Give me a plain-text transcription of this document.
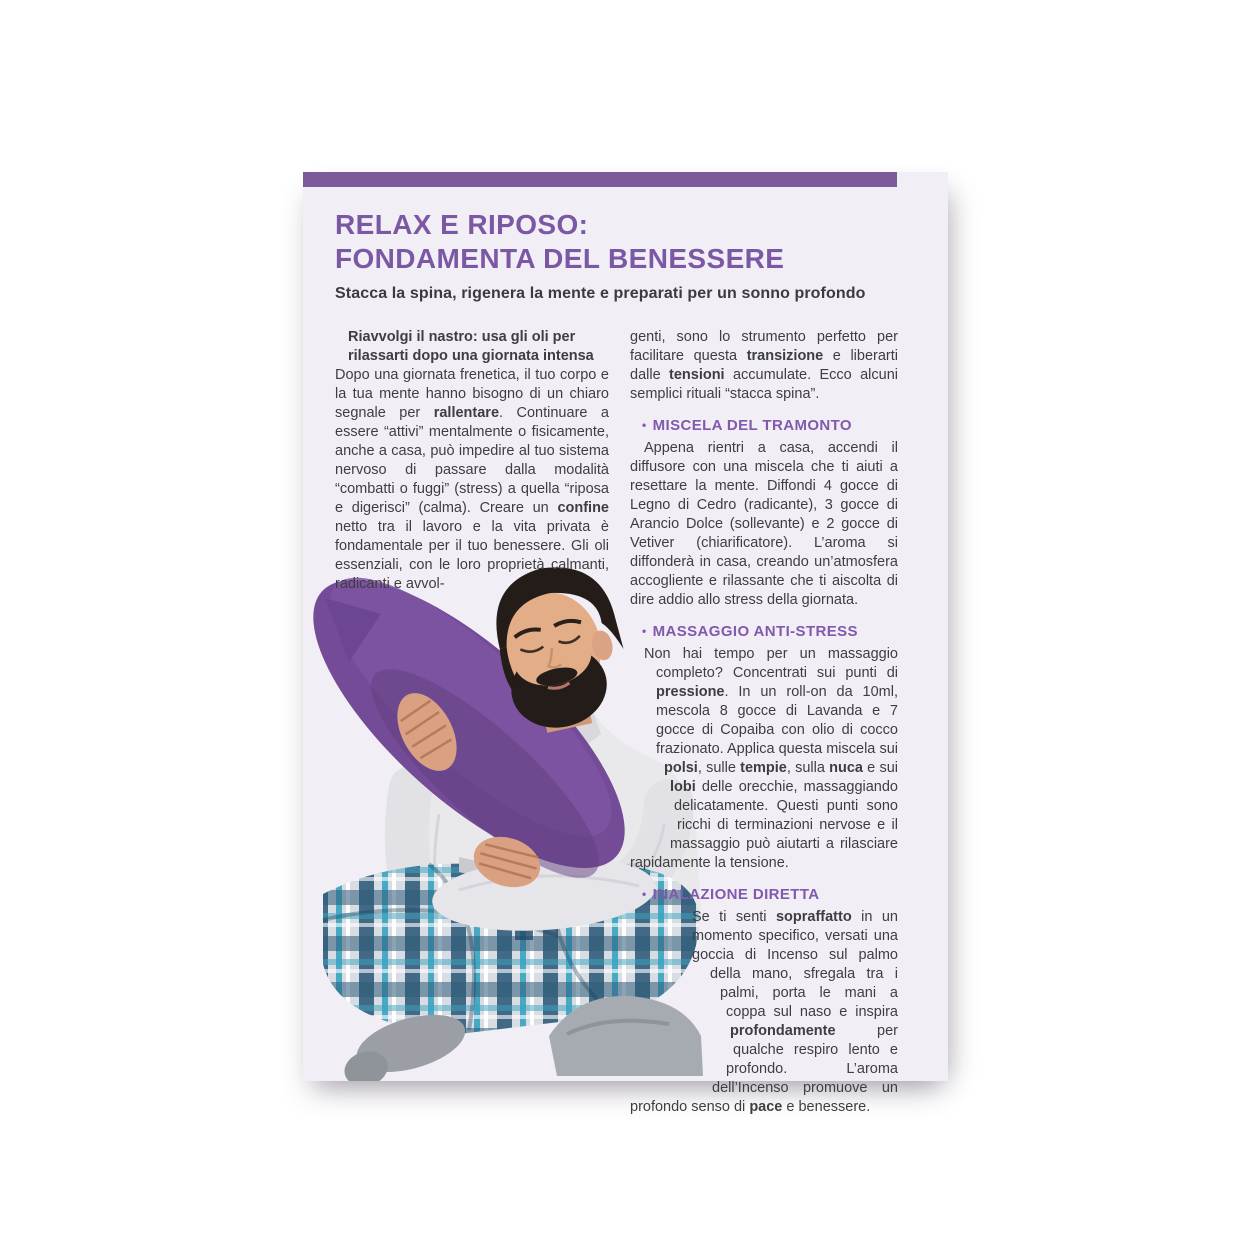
RELAX E RIPOSO:
FONDAMENTA DEL BENESSERE
Stacca la spina, rigenera la mente e preparati per un sonno profondo

Riavvolgi il nastro: usa gli oli per rilassarti dopo una giornata intensa

Dopo una giornata frenetica, il tuo corpo e la tua mente hanno bisogno di un chiaro segnale per rallentare. Continuare a essere “attivi” mentalmente o fisicamente, anche a casa, può impedire al tuo sistema nervoso di passare dalla modalità “combatti o fuggi” (stress) a quella “riposa e digerisci” (calma). Creare un confine netto tra il lavoro e la vita privata è fondamentale per il tuo benessere. Gli oli essenziali, con le loro proprietà calmanti, radicanti e avvol-

genti, sono lo strumento perfetto per facilitare questa transizione e liberarti dalle tensioni accumulate. Ecco alcuni semplici rituali “stacca spina”.

• MISCELA DEL TRAMONTO

Appena rientri a casa, accendi il diffusore con una miscela che ti aiuti a resettare la mente. Diffondi 4 gocce di Legno di Cedro (radicante), 3 gocce di Arancio Dolce (sollevante) e 2 gocce di Vetiver (chiarificatore). L’aroma si diffonderà in casa, creando un’atmosfera accogliente e rilassante che ti aiscolta di dire addio allo stress della giornata.

• MASSAGGIO ANTI-STRESS

Non hai tempo per un massaggio completo? Concentrati sui punti di pressione. In un roll-on da 10ml, mescola 8 gocce di Lavanda e 7 gocce di Copaiba con olio di cocco frazionato. Applica questa miscela sui polsi, sulle tempie, sulla nuca e sui lobi delle orecchie, massaggiando delicatamente. Questi punti sono ricchi di terminazioni nervose e il massaggio può aiutarti a rilasciare rapidamente la tensione.

• INALAZIONE DIRETTA

Se ti senti sopraffatto in un momento specifico, versati una goccia di Incenso sul palmo della mano, sfregala tra i palmi, porta le mani a coppa sul naso e inspira profondamente per qualche respiro lento e profondo. L’aroma dell’Incenso promuove un profondo senso di pace e benessere.
